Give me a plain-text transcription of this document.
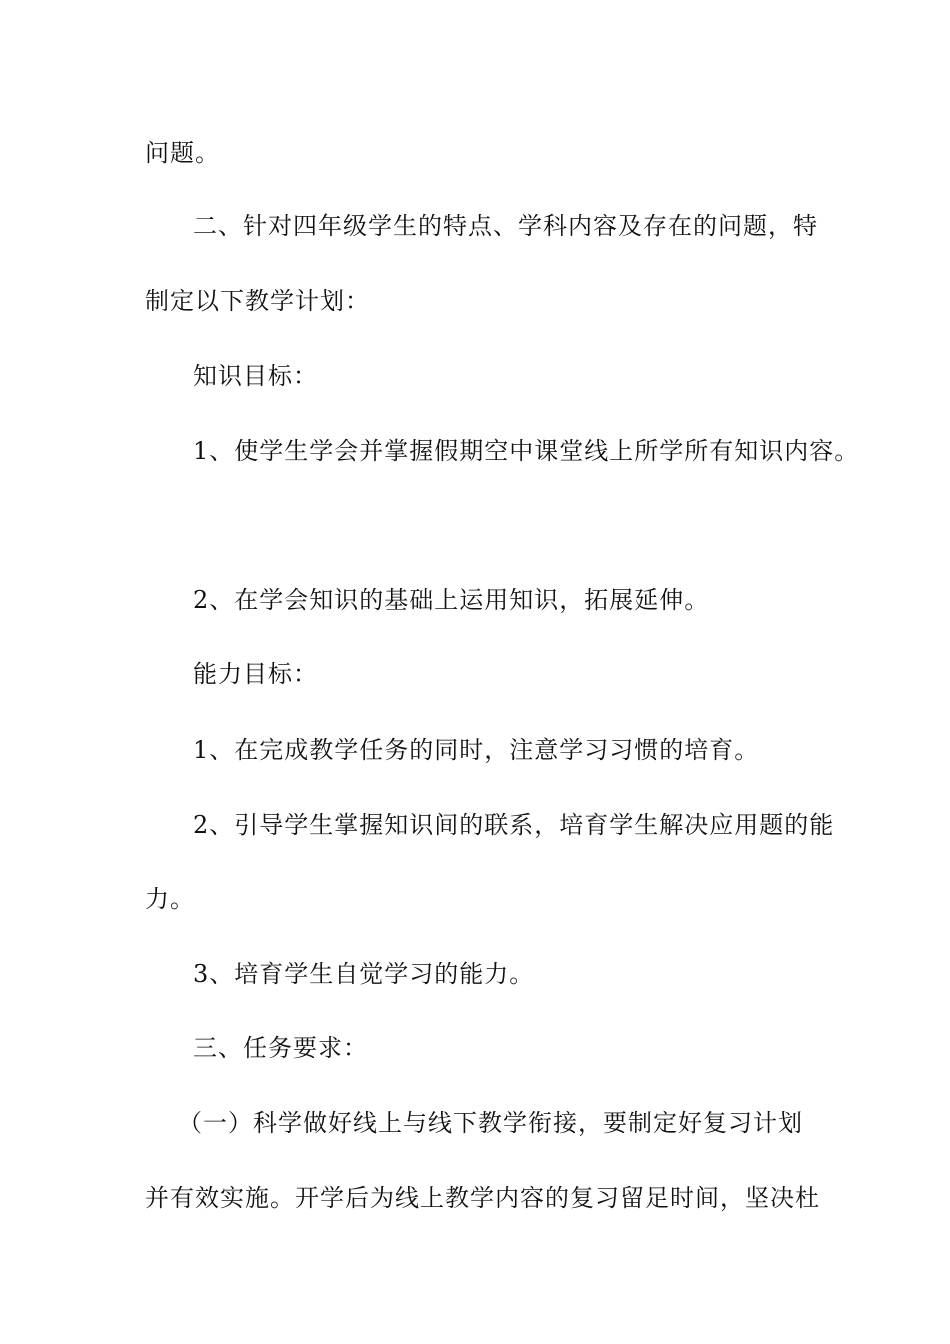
问题。
二、针对四年级学生的特点、学科内容及存在的问题，特
制定以下教学计划：
知识目标：
1、使学生学会并掌握假期空中课堂线上所学所有知识内容。
2、在学会知识的基础上运用知识，拓展延伸。
能力目标：
1、在完成教学任务的同时，注意学习习惯的培育。
2、引导学生掌握知识间的联系，培育学生解决应用题的能
力。
3、培育学生自觉学习的能力。
三、任务要求：
（一）科学做好线上与线下教学衔接，要制定好复习计划
并有效实施。开学后为线上教学内容的复习留足时间，坚决杜
